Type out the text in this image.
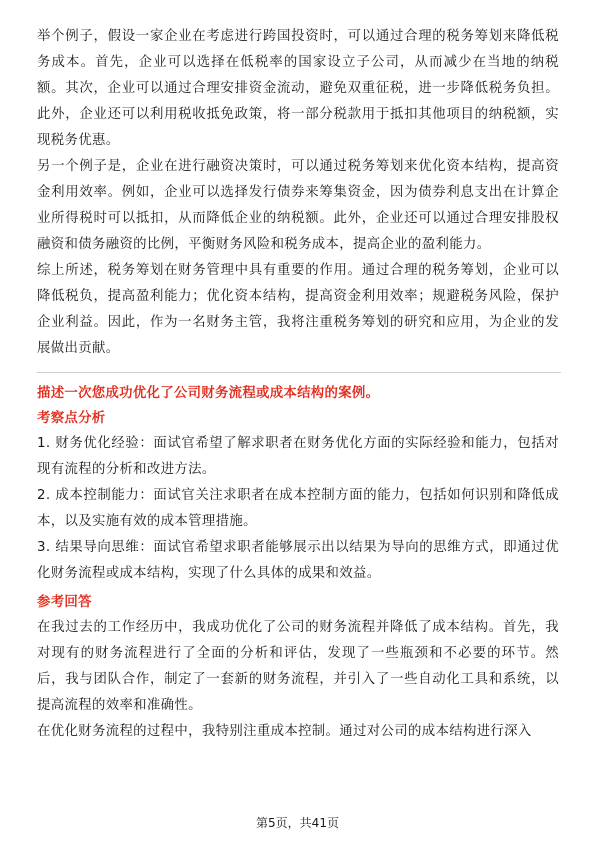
举个例子，假设一家企业在考虑进行跨国投资时，可以通过合理的税务筹划来降低税务成本。首先，企业可以选择在低税率的国家设立子公司，从而减少在当地的纳税额。其次，企业可以通过合理安排资金流动，避免双重征税，进一步降低税务负担。此外，企业还可以利用税收抵免政策，将一部分税款用于抵扣其他项目的纳税额，实现税务优惠。

另一个例子是，企业在进行融资决策时，可以通过税务筹划来优化资本结构，提高资金利用效率。例如，企业可以选择发行债券来筹集资金，因为债券利息支出在计算企业所得税时可以抵扣，从而降低企业的纳税额。此外，企业还可以通过合理安排股权融资和债务融资的比例，平衡财务风险和税务成本，提高企业的盈利能力。

综上所述，税务筹划在财务管理中具有重要的作用。通过合理的税务筹划，企业可以降低税负，提高盈利能力；优化资本结构，提高资金利用效率；规避税务风险，保护企业利益。因此，作为一名财务主管，我将注重税务筹划的研究和应用，为企业的发展做出贡献。

描述一次您成功优化了公司财务流程或成本结构的案例。

考察点分析

1. 财务优化经验：面试官希望了解求职者在财务优化方面的实际经验和能力，包括对现有流程的分析和改进方法。

2. 成本控制能力：面试官关注求职者在成本控制方面的能力，包括如何识别和降低成本，以及实施有效的成本管理措施。

3. 结果导向思维：面试官希望求职者能够展示出以结果为导向的思维方式，即通过优化财务流程或成本结构，实现了什么具体的成果和效益。

参考回答

在我过去的工作经历中，我成功优化了公司的财务流程并降低了成本结构。首先，我对现有的财务流程进行了全面的分析和评估，发现了一些瓶颈和不必要的环节。然后，我与团队合作，制定了一套新的财务流程，并引入了一些自动化工具和系统，以提高流程的效率和准确性。

在优化财务流程的过程中，我特别注重成本控制。通过对公司的成本结构进行深入

第5页，共41页
